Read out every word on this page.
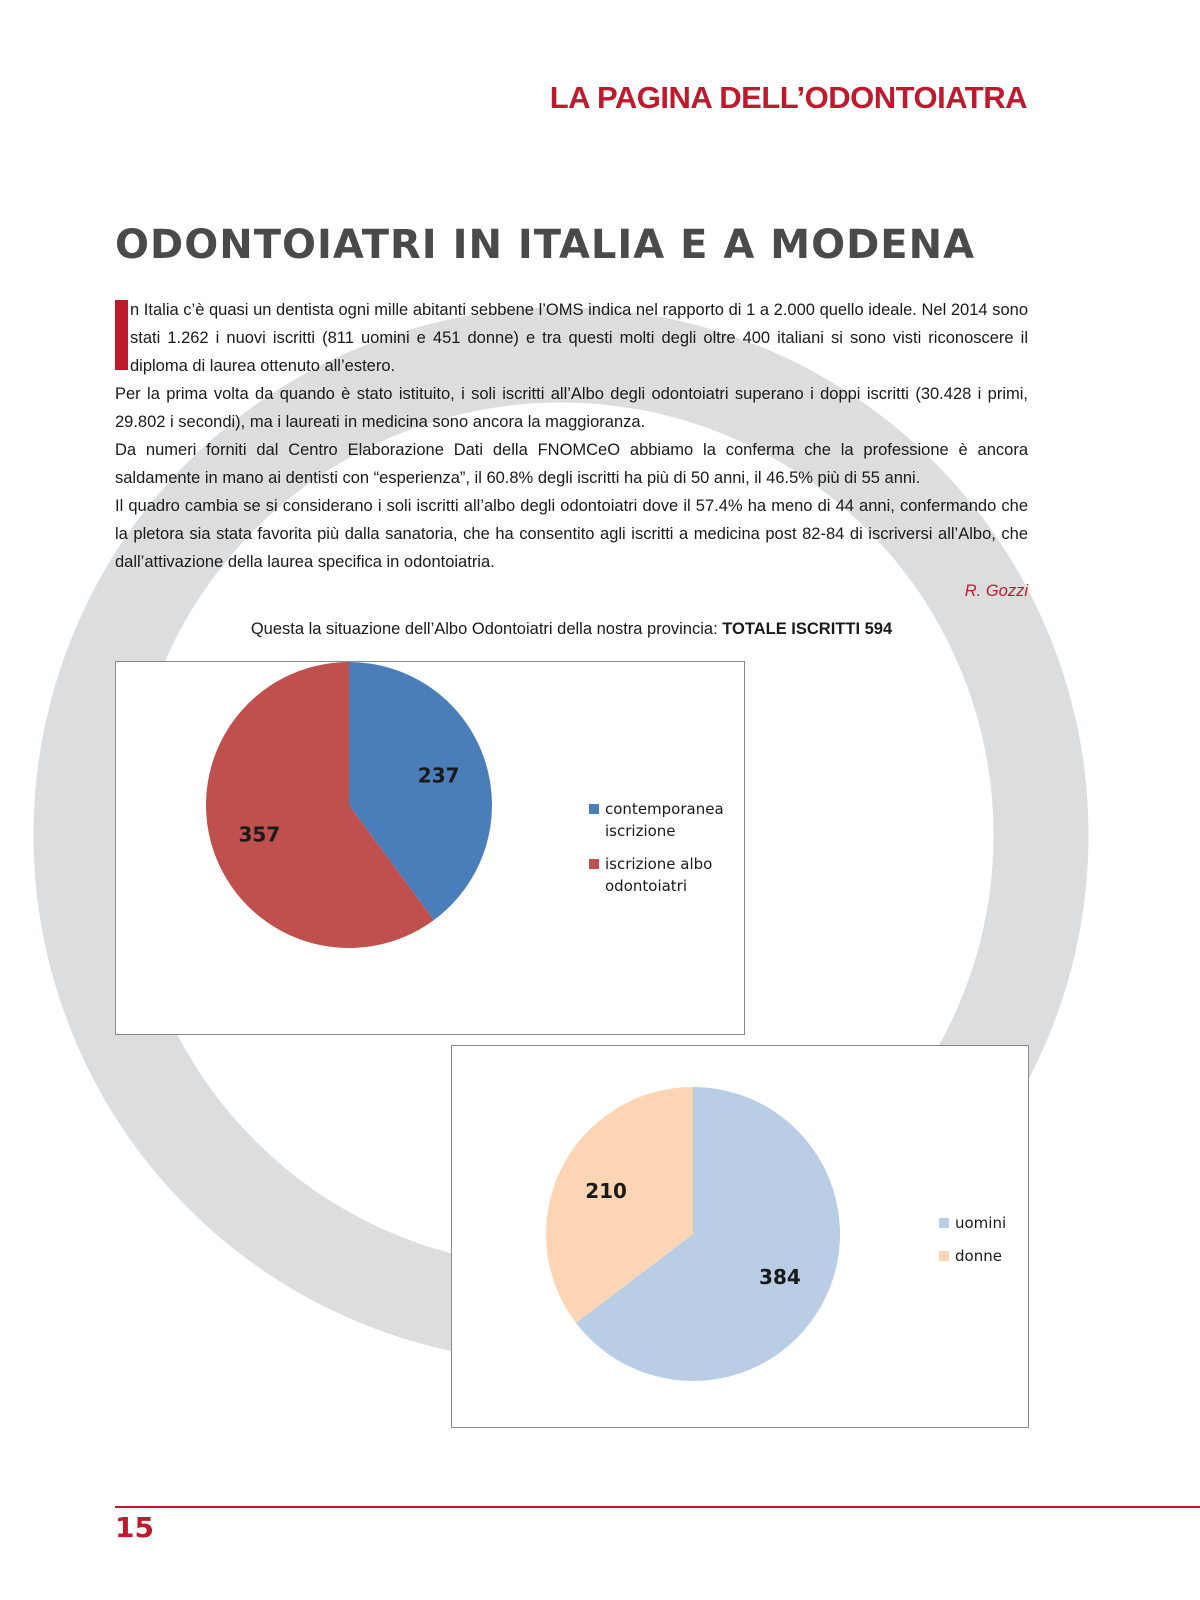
LA PAGINA DELL’ODONTOIATRA
ODONTOIATRI IN ITALIA E A MODENA

n Italia c’è quasi un dentista ogni mille abitanti sebbene l’OMS indica nel rapporto di 1 a 2.000 quello ideale. Nel 2014 sono stati 1.262 i nuovi iscritti (811 uomini e 451 donne) e tra questi molti degli oltre 400 italiani si sono visti riconoscere il diploma di laurea ottenuto all’estero.

Per la prima volta da quando è stato istituito, i soli iscritti all’Albo degli odontoiatri superano i doppi iscritti (30.428 i primi, 29.802 i secondi), ma i laureati in medicina sono ancora la maggioranza.

Da numeri forniti dal Centro Elaborazione Dati della FNOMCeO abbiamo la conferma che la professione è ancora saldamente in mano ai dentisti con “esperienza”, il 60.8% degli iscritti ha più di 50 anni, il 46.5% più di 55 anni.

Il quadro cambia se si considerano i soli iscritti all’albo degli odontoiatri dove il 57.4% ha meno di 44 anni, confermando che la pletora sia stata favorita più dalla sanatoria, che ha consentito agli iscritti a medicina post 82-84 di iscriversi all’Albo, che dall’attivazione della laurea specifica in odontoiatria.

R. Gozzi

Questa la situazione dell’Albo Odontoiatri della nostra provincia: TOTALE ISCRITTI 594

237
357
contemporanea iscrizione
iscrizione albo odontoiatri
384
210
uomini
donne

15
